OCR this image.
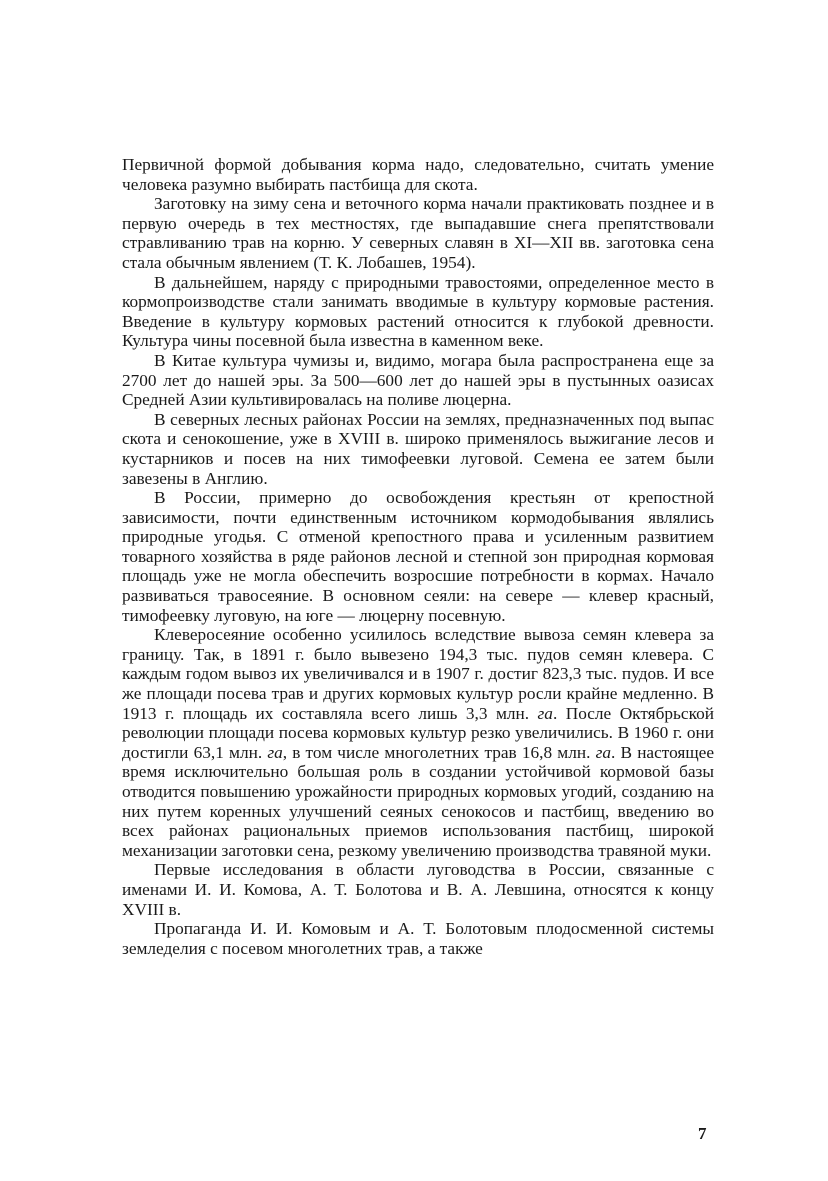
Первичной формой добывания корма надо, следовательно, считать умение человека разумно выбирать пастбища для скота.

Заготовку на зиму сена и веточного корма начали практиковать позднее и в первую очередь в тех местностях, где выпадавшие снега препятствовали стравливанию трав на корню. У северных славян в XI—XII вв. заготовка сена стала обычным явлением (Т. К. Лобашев, 1954).

В дальнейшем, наряду с природными травостоями, определенное место в кормопроизводстве стали занимать вводимые в культуру кормовые растения. Введение в культуру кормовых растений относится к глубокой древности. Культура чины посевной была известна в каменном веке.

В Китае культура чумизы и, видимо, могара была распространена еще за 2700 лет до нашей эры. За 500—600 лет до нашей эры в пустынных оазисах Средней Азии культивировалась на поливе люцерна.

В северных лесных районах России на землях, предназначенных под выпас скота и сенокошение, уже в XVIII в. широко применялось выжигание лесов и кустарников и посев на них тимофеевки луговой. Семена ее затем были завезены в Англию.

В России, примерно до освобождения крестьян от крепостной зависимости, почти единственным источником кормодобывания являлись природные угодья. С отменой крепостного права и усиленным развитием товарного хозяйства в ряде районов лесной и степной зон природная кормовая площадь уже не могла обеспечить возросшие потребности в кормах. Начало развиваться травосеяние. В основном сеяли: на севере — клевер красный, тимофеевку луговую, на юге — люцерну посевную.

Клеверосеяние особенно усилилось вследствие вывоза семян клевера за границу. Так, в 1891 г. было вывезено 194,3 тыс. пудов семян клевера. С каждым годом вывоз их увеличивался и в 1907 г. достиг 823,3 тыс. пудов. И все же площади посева трав и других кормовых культур росли крайне медленно. В 1913 г. площадь их составляла всего лишь 3,3 млн. га. После Октябрьской революции площади посева кормовых культур резко увеличились. В 1960 г. они достигли 63,1 млн. га, в том числе многолетних трав 16,8 млн. га. В настоящее время исключительно большая роль в создании устойчивой кормовой базы отводится повышению урожайности природных кормовых угодий, созданию на них путем коренных улучшений сеяных сенокосов и пастбищ, введению во всех районах рациональных приемов использования пастбищ, широкой механизации заготовки сена, резкому увеличению производства травяной муки.

Первые исследования в области луговодства в России, связанные с именами И. И. Комова, А. Т. Болотова и В. А. Левшина, относятся к концу XVIII в.

Пропаганда И. И. Комовым и А. Т. Болотовым плодосменной системы земледелия с посевом многолетних трав, а также

7
